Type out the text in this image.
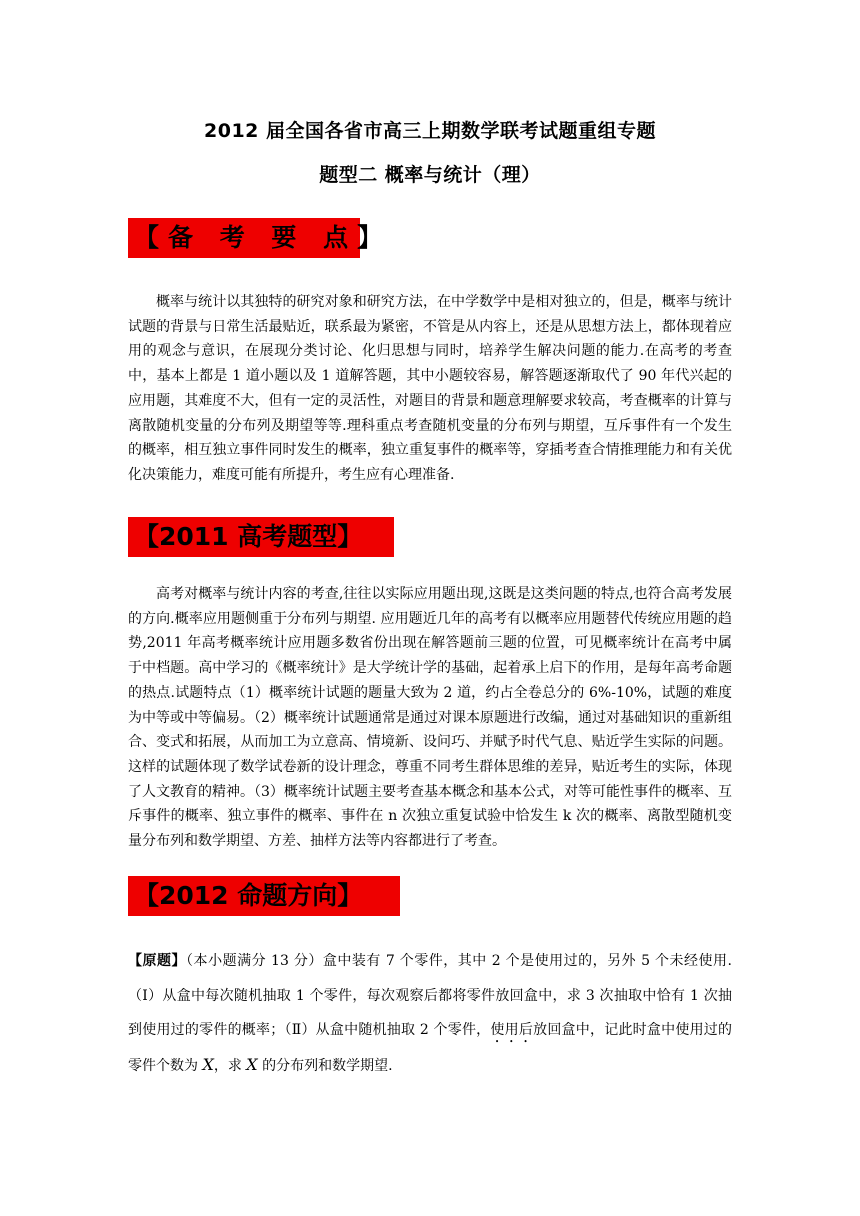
2012 届全国各省市高三上期数学联考试题重组专题
题型二 概率与统计（理）
【备 考 要 点】
概率与统计以其独特的研究对象和研究方法，在中学数学中是相对独立的，但是，概率与统计试题的背景与日常生活最贴近，联系最为紧密，不管是从内容上，还是从思想方法上，都体现着应用的观念与意识，在展现分类讨论、化归思想与同时，培养学生解决问题的能力.在高考的考查中，基本上都是 1 道小题以及 1 道解答题，其中小题较容易，解答题逐渐取代了 90 年代兴起的应用题，其难度不大，但有一定的灵活性，对题目的背景和题意理解要求较高，考查概率的计算与离散随机变量的分布列及期望等等.理科重点考查随机变量的分布列与期望，互斥事件有一个发生的概率，相互独立事件同时发生的概率，独立重复事件的概率等，穿插考查合情推理能力和有关优化决策能力，难度可能有所提升，考生应有心理准备.
【2011 高考题型】
高考对概率与统计内容的考查,往往以实际应用题出现,这既是这类问题的特点,也符合高考发展的方向.概率应用题侧重于分布列与期望. 应用题近几年的高考有以概率应用题替代传统应用题的趋势,2011 年高考概率统计应用题多数省份出现在解答题前三题的位置，可见概率统计在高考中属于中档题。高中学习的《概率统计》是大学统计学的基础，起着承上启下的作用，是每年高考命题的热点.试题特点（1）概率统计试题的题量大致为 2 道，约占全卷总分的 6%-10%，试题的难度为中等或中等偏易。（2）概率统计试题通常是通过对课本原题进行改编，通过对基础知识的重新组合、变式和拓展，从而加工为立意高、情境新、设问巧、并赋予时代气息、贴近学生实际的问题。这样的试题体现了数学试卷新的设计理念，尊重不同考生群体思维的差异，贴近考生的实际，体现了人文教育的精神。（3）概率统计试题主要考查基本概念和基本公式，对等可能性事件的概率、互斥事件的概率、独立事件的概率、事件在 n 次独立重复试验中恰发生 k 次的概率、离散型随机变量分布列和数学期望、方差、抽样方法等内容都进行了考查。
【2012 命题方向】
【原题】（本小题满分 13 分）盒中装有 7 个零件，其中 2 个是使用过的，另外 5 个未经使用.（Ⅰ）从盒中每次随机抽取 1 个零件，每次观察后都将零件放回盒中，求 3 次抽取中恰有 1 次抽到使用过的零件的概率；（Ⅱ）从盒中随机抽取 2 个零件，使用后放回盒中，记此时盒中使用过的零件个数为 X，求 X 的分布列和数学期望.
